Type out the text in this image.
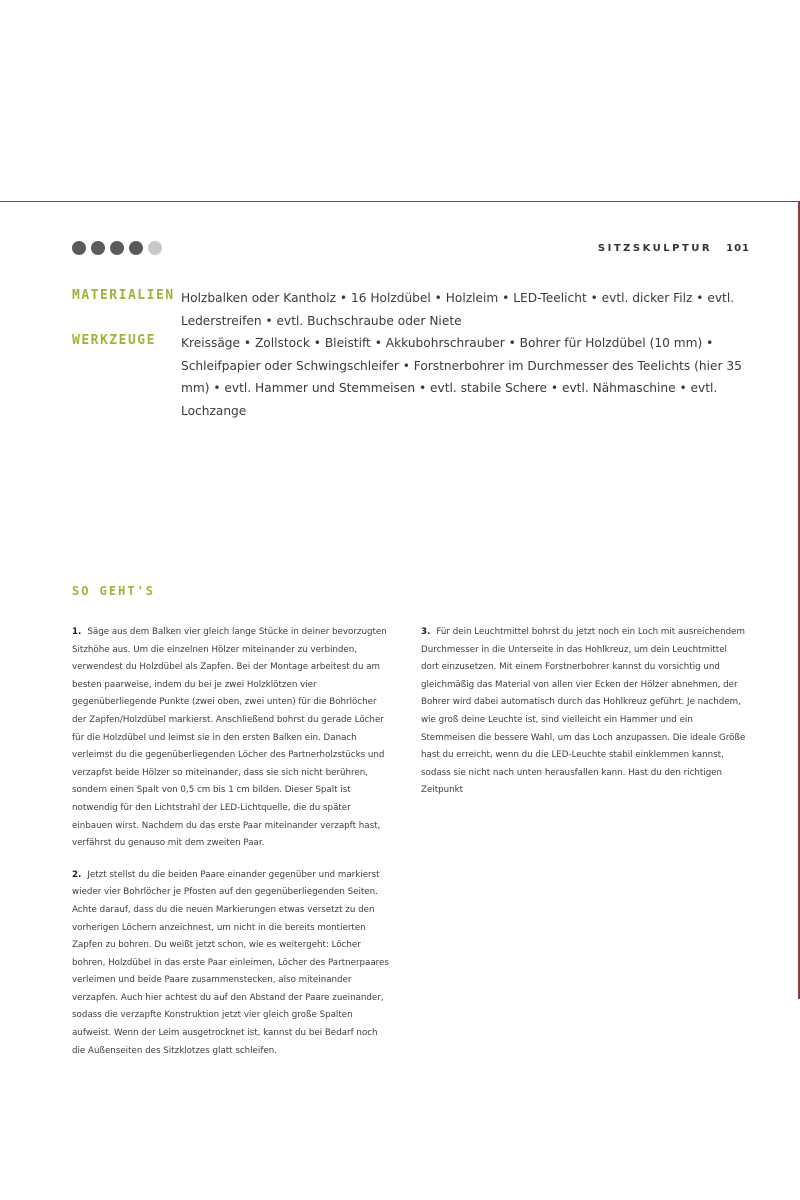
SITZSKULPTUR 101
MATERIALIEN Holzbalken oder Kantholz • 16 Holzdübel • Holzleim • LED-Teelicht • evtl. dicker Filz • evtl. Lederstreifen • evtl. Buchschraube oder Niete
WERKZEUGE Kreissäge • Zollstock • Bleistift • Akkubohrschrauber • Bohrer für Holzdübel (10 mm) • Schleifpapier oder Schwingschleifer • Forstnerbohrer im Durchmesser des Teelichts (hier 35 mm) • evtl. Hammer und Stemmeisen • evtl. stabile Schere • evtl. Nähmaschine • evtl. Lochzange
SO GEHT'S

1. Säge aus dem Balken vier gleich lange Stücke in deiner bevorzugten Sitzhöhe aus. Um die einzelnen Hölzer miteinander zu verbinden, verwendest du Holzdübel als Zapfen. Bei der Montage arbeitest du am besten paarweise, indem du bei je zwei Holzklötzen vier gegenüberliegende Punkte (zwei oben, zwei unten) für die Bohrlöcher der Zapfen/Holzdübel markierst. Anschließend bohrst du gerade Löcher für die Holzdübel und leimst sie in den ersten Balken ein. Danach verleimst du die gegenüberliegenden Löcher des Partnerholzstücks und verzapfst beide Hölzer so miteinander, dass sie sich nicht berühren, sondern einen Spalt von 0,5 cm bis 1 cm bilden. Dieser Spalt ist notwendig für den Lichtstrahl der LED-Lichtquelle, die du später einbauen wirst. Nachdem du das erste Paar miteinander verzapft hast, verfährst du genauso mit dem zweiten Paar.

2. Jetzt stellst du die beiden Paare einander gegenüber und markierst wieder vier Bohrlöcher je Pfosten auf den gegenüberliegenden Seiten. Achte darauf, dass du die neuen Markierungen etwas versetzt zu den vorherigen Löchern anzeichnest, um nicht in die bereits montierten Zapfen zu bohren. Du weißt jetzt schon, wie es weitergeht: Löcher bohren, Holzdübel in das erste Paar einleimen, Löcher des Partnerpaares verleimen und beide Paare zusammenstecken, also miteinander verzapfen. Auch hier achtest du auf den Abstand der Paare zueinander, sodass die verzapfte Konstruktion jetzt vier gleich große Spalten aufweist. Wenn der Leim ausgetrocknet ist, kannst du bei Bedarf noch die Außenseiten des Sitzklotzes glatt schleifen.

3. Für dein Leuchtmittel bohrst du jetzt noch ein Loch mit ausreichendem Durchmesser in die Unterseite in das Hohlkreuz, um dein Leuchtmittel dort einzusetzen. Mit einem Forstnerbohrer kannst du vorsichtig und gleichmäßig das Material von allen vier Ecken der Hölzer abnehmen, der Bohrer wird dabei automatisch durch das Hohlkreuz geführt. Je nachdem, wie groß deine Leuchte ist, sind vielleicht ein Hammer und ein Stemmeisen die bessere Wahl, um das Loch anzupassen. Die ideale Größe hast du erreicht, wenn du die LED-Leuchte stabil einklemmen kannst, sodass sie nicht nach unten herausfallen kann. Hast du den richtigen Zeitpunkt
